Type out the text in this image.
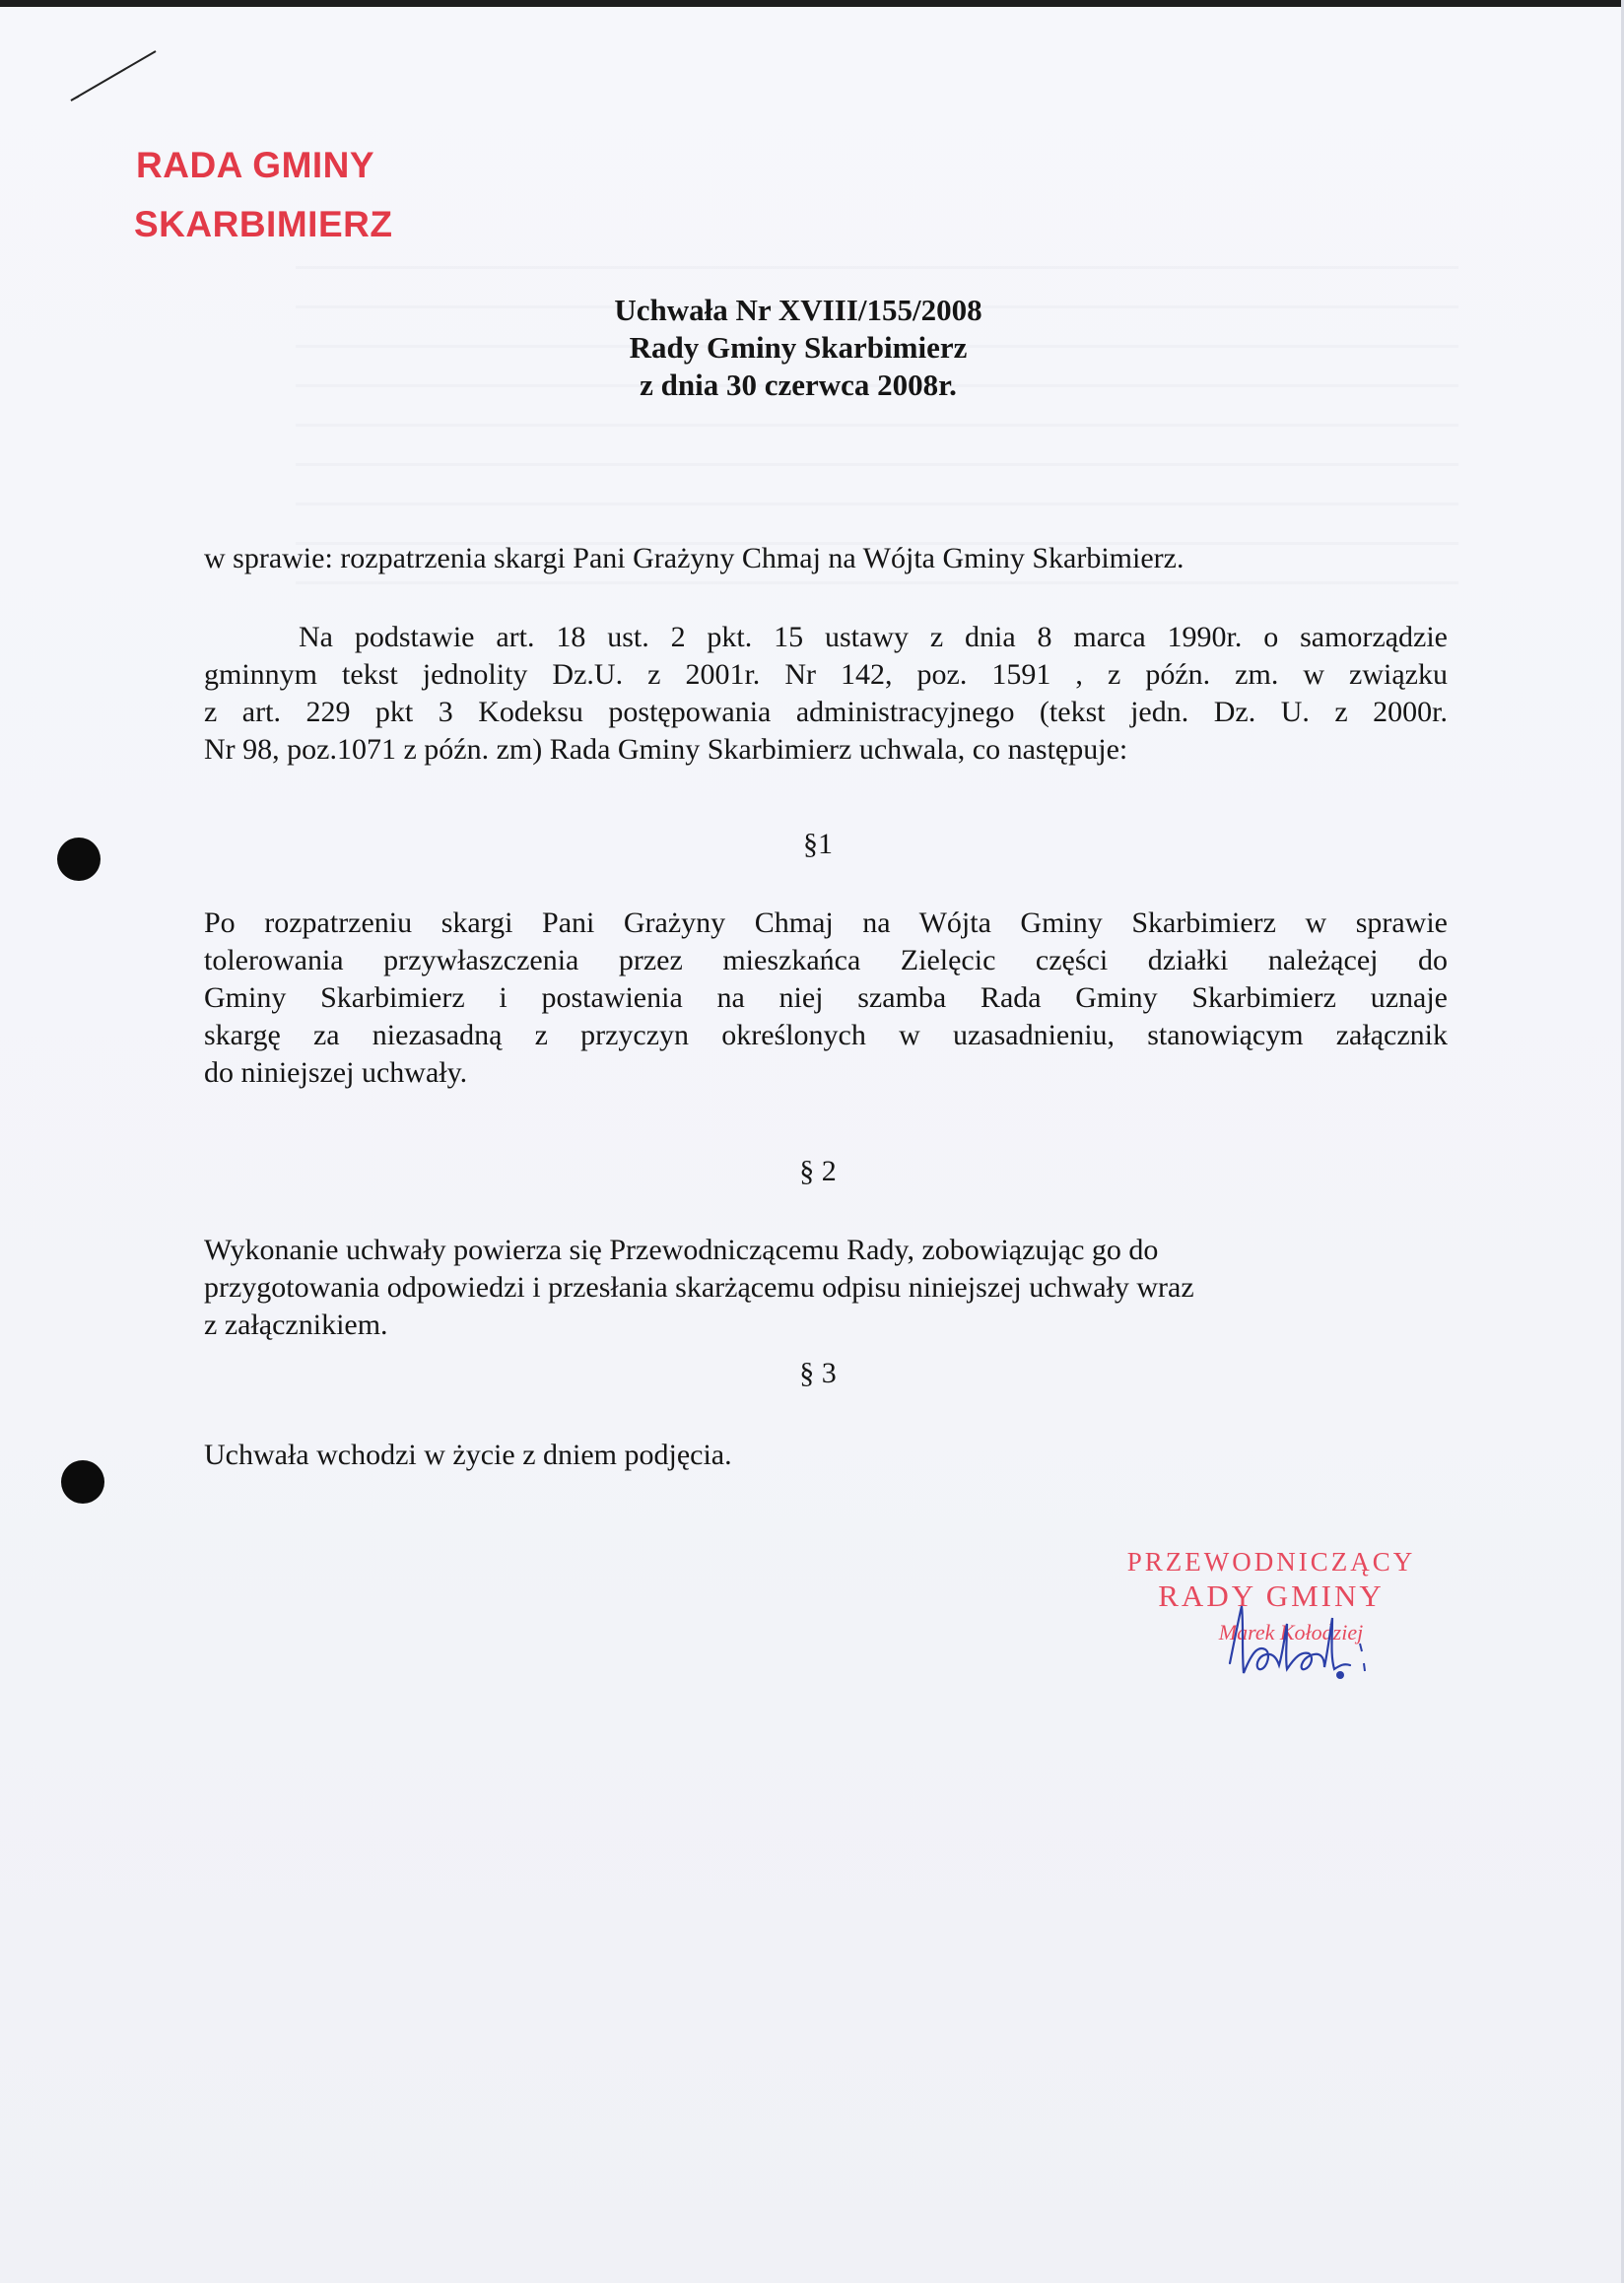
RADA GMINY
SKARBIMIERZ
Uchwała Nr XVIII/155/2008
Rady Gminy Skarbimierz
z dnia 30 czerwca 2008r.
w sprawie: rozpatrzenia skargi Pani Grażyny Chmaj na Wójta Gminy Skarbimierz.

Na podstawie art. 18 ust. 2 pkt. 15 ustawy z dnia 8 marca 1990r. o samorządzie

gminnym tekst jednolity Dz.U. z 2001r. Nr 142, poz. 1591 , z późn. zm. w związku

z art. 229 pkt 3 Kodeksu postępowania administracyjnego (tekst jedn. Dz. U. z 2000r.

Nr 98, poz.1071 z późn. zm) Rada Gminy Skarbimierz uchwala, co następuje:

§1

Po rozpatrzeniu skargi Pani Grażyny Chmaj na Wójta Gminy Skarbimierz w sprawie

tolerowania przywłaszczenia przez mieszkańca Zielęcic części działki należącej do

Gminy Skarbimierz i postawienia na niej szamba Rada Gminy Skarbimierz uznaje

skargę za niezasadną z przyczyn określonych w uzasadnieniu, stanowiącym załącznik

do niniejszej uchwały.

§ 2

Wykonanie uchwały powierza się Przewodniczącemu Rady, zobowiązując go do

przygotowania odpowiedzi i przesłania skarżącemu odpisu niniejszej uchwały wraz

z załącznikiem.

§ 3
Uchwała wchodzi w życie z dniem podjęcia.
PRZEWODNICZĄCY
RADY GMINY
Marek Kołodziej
